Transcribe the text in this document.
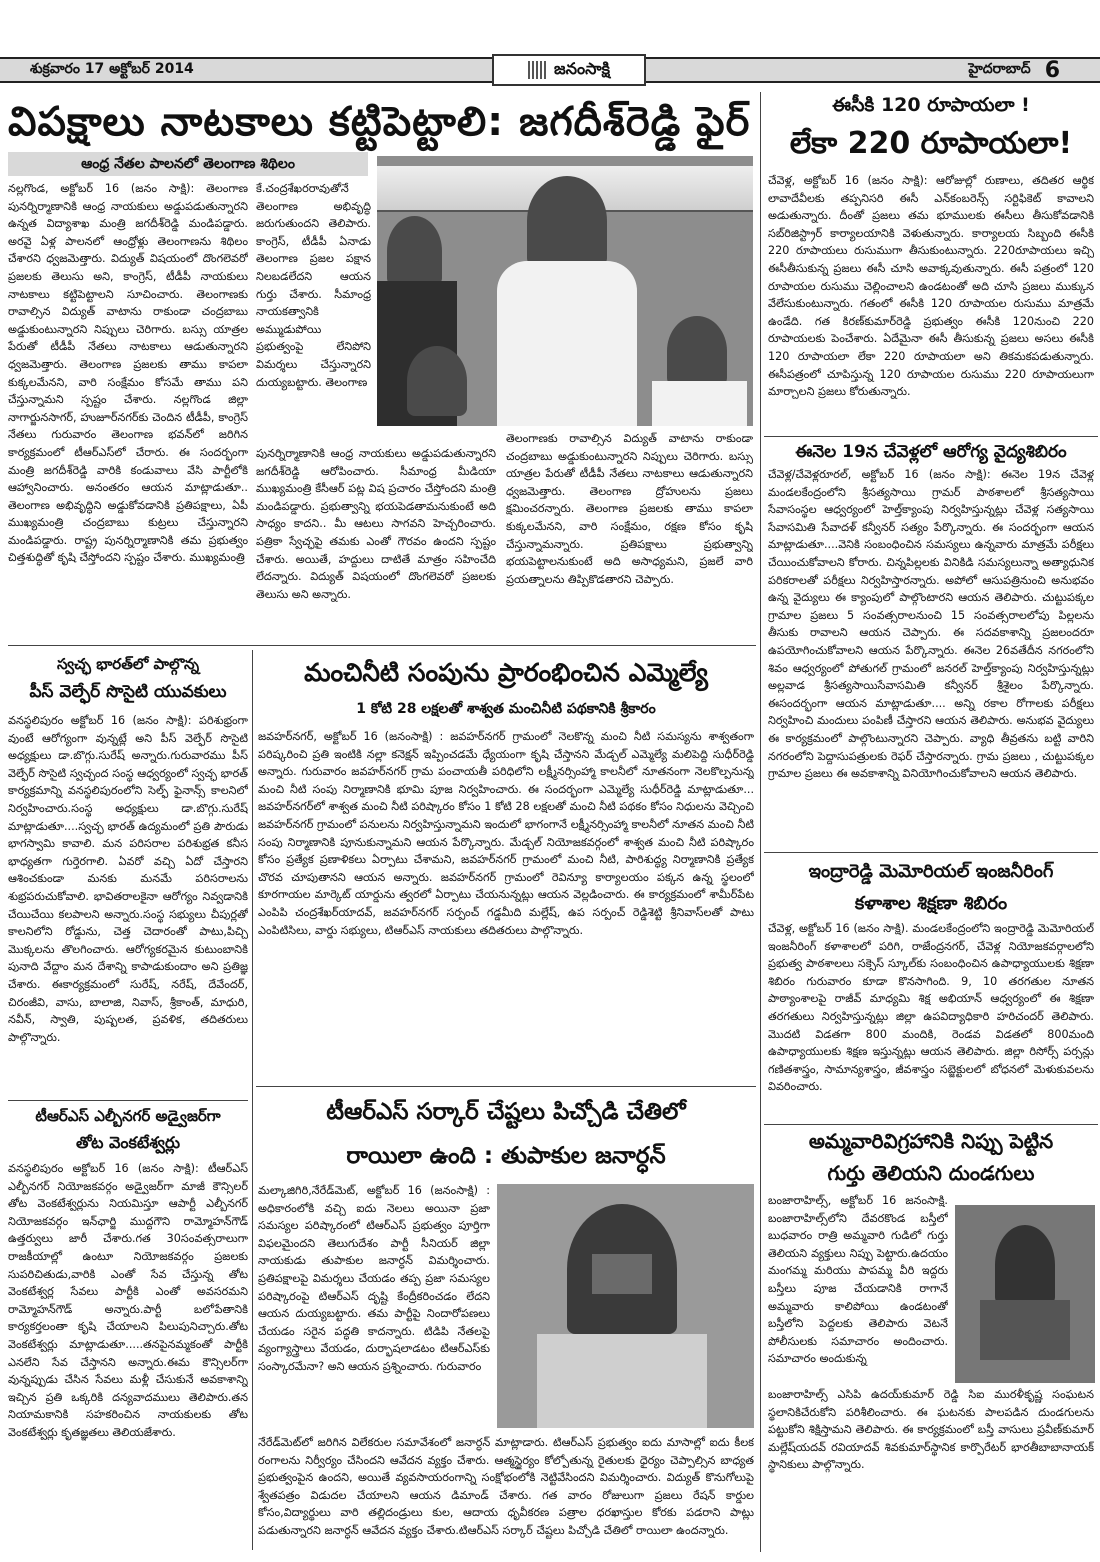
శుక్రవారం 17 అక్టోబర్ 2014	హైదరాబాద్ 6
జనంసాక్షి
విపక్షాలు నాటకాలు కట్టిపెట్టాలి: జగదీశ్‌రెడ్డి ఫైర్
ఆంధ్ర నేతల పాలనలో తెలంగాణ శిథిలం
నల్లగొండ, అక్టోబర్ 16 (జనం సాక్షి): తెలంగాణ పునర్నిర్మాణానికి ఆంధ్ర నాయకులు అడ్డుపడుతున్నారని ఉన్నత విద్యాశాఖ మంత్రి జగదీశ్‌రెడ్డి మండిపడ్డారు. అరవై ఏళ్ల పాలనలో ఆంధ్రోళ్లు తెలంగాణను శిథిలం చేశారని ధ్వజమెత్తారు. విద్యుత్ విషయంలో దొంగలెవరో ప్రజలకు తెలుసు అని, కాంగ్రెస్, టీడీపీ నాయకులు నాటకాలు కట్టిపెట్టాలని సూచించారు. తెలంగాణకు రావాల్సిన విద్యుత్ వాటాను రాకుండా చంద్రబాబు అడ్డుకుంటున్నారని నిప్పులు చెరిగారు. బస్సు యాత్రల పేరుతో టీడీపీ నేతలు నాటకాలు ఆడుతున్నారని ధ్వజమెత్తారు. తెలంగాణ ప్రజలకు తాము కాపలా కుక్కలమేనని, వారి సంక్షేమం కోసమే తాము పని చేస్తున్నామని స్పష్టం చేశారు. నల్లగొండ జిల్లా నాగార్జునసాగర్, హుజూర్‌నగర్‌కు చెందిన టీడీపీ, కాంగ్రెస్ నేతలు గురువారం తెలంగాణ భవన్‌లో జరిగిన కార్యక్రమంలో టీఆర్‌ఎస్‌లో చేరారు. ఈ సందర్భంగా మంత్రి జగదీశ్‌రెడ్డి వారికి కండువాలు వేసి పార్టీలోకి ఆహ్వానించారు. అనంతరం ఆయన మాట్లాడుతూ.. తెలంగాణ అభివృద్ధిని అడ్డుకోవడానికి ప్రతిపక్షాలు, ఏపీ ముఖ్యమంత్రి చంద్రబాబు కుట్రలు చేస్తున్నారని మండిపడ్డారు. రాష్ట్ర పునర్నిర్మాణానికి తమ ప్రభుత్వం చిత్తశుద్ధితో కృషి చేస్తోందని స్పష్టం చేశారు. ముఖ్యమంత్రి
కే.చంద్రశేఖరరావుతోనే తెలంగాణ అభివృద్ధి జరుగుతుందని తెలిపారు. కాంగ్రెస్, టీడీపీ ఏనాడు తెలంగాణ ప్రజల పక్షాన నిలబడలేదని ఆయన గుర్తు చేశారు. సీమాంధ్ర నాయకత్వానికి అమ్ముడుపోయి ప్రభుత్వంపై లేనిపోని విమర్శలు చేస్తున్నారని దుయ్యబట్టారు. తెలంగాణ
పునర్నిర్మాణానికి ఆంధ్ర నాయకులు అడ్డుపడుతున్నారని జగదీశ్‌రెడ్డి ఆరోపించారు. సీమాంధ్ర మీడియా ముఖ్యమంత్రి కేసీఆర్ పట్ల విష ప్రచారం చేస్తోందని మంత్రి మండిపడ్డారు. ప్రభుత్వాన్ని భయపెడతామనుకుంటే అది సాధ్యం కాదని.. మీ ఆటలు సాగవని హెచ్చరించారు. పత్రికా స్వేచ్ఛపై తమకు ఎంతో గౌరవం ఉందని స్పష్టం చేశారు. అయితే, హద్దులు దాటితే మాత్రం సహించేది లేదన్నారు. విద్యుత్ విషయంలో దొంగలెవరో ప్రజలకు తెలుసు అని అన్నారు.
తెలంగాణకు రావాల్సిన విద్యుత్ వాటాను రాకుండా చంద్రబాబు అడ్డుకుంటున్నారని నిప్పులు చెరిగారు. బస్సు యాత్రల పేరుతో టీడీపీ నేతలు నాటకాలు ఆడుతున్నారని ధ్వజమెత్తారు. తెలంగాణ ద్రోహులను ప్రజలు క్షమించరన్నారు. తెలంగాణ ప్రజలకు తాము కాపలా కుక్కలమేనని, వారి సంక్షేమం, రక్షణ కోసం కృషి చేస్తున్నామన్నారు. ప్రతిపక్షాలు ప్రభుత్వాన్ని భయపెట్టాలనుకుంటే అది అసాధ్యమని, ప్రజలే వారి ప్రయత్నాలను తిప్పికొడతారని చెప్పారు.
ఈసీకి 120 రూపాయలా !
లేకా 220 రూపాయలా!
చేవెళ్ల, అక్టోబర్ 16 (జనం సాక్షి): ఆరోజుల్లో రుణాలు, తదితర ఆర్థిక లావాదేవీలకు తప్పనిసరి ఈసీ ఎన్‌కంబరెన్స్ సర్టిఫికెట్ కావాలని అడుతున్నారు. దీంతో ప్రజలు తమ భూములకు ఈసీలు తీసుకోవడానికి సబ్‌రిజిస్ట్రార్ కార్యాలయానికి వెళుతున్నారు. కార్యాలయ సిబ్బంది ఈసీకి 220 రూపాయలు రుసుముగా తీసుకుంటున్నారు. 220రూపాయలు ఇచ్చి ఈసీతీసుకున్న ప్రజలు ఈసీ చూసి అవాక్కవుతున్నారు. ఈసీ పత్రంలో 120 రూపాయల రుసుము చెల్లించాలని ఉండటంతో అది చూసి ప్రజలు ముక్కున వేలేసుకుంటున్నారు. గతంలో ఈసీకి 120 రూపాయల రుసుము మాత్రమే ఉండేది. గత కిరణ్‌కుమార్‌రెడ్డి ప్రభుత్వం ఈసీకి 120నుంచి 220 రూపాయలకు పెంచేశారు. ఏదేమైనా ఈసీ తీసుకున్న ప్రజలు అసలు ఈసీకి 120 రూపాయలా లేకా 220 రూపాయలా అని తికమకపడుతున్నారు. ఈసీపత్రంలో చూపిస్తున్న 120 రూపాయల రుసుము 220 రూపాయలుగా మార్చాలని ప్రజలు కోరుతున్నారు.
ఈనెల 19న చేవెళ్లలో ఆరోగ్య వైద్యశిబిరం
చేవెళ్ల/చేవెళ్లరూరల్, అక్టోబర్ 16 (జనం సాక్షి): ఈనెల 19న చేవెళ్ల మండలకేంద్రంలోని శ్రీసత్యసాయి గ్రామర్ పాఠశాలలో శ్రీసత్యసాయి సేవాసంస్థల ఆధ్వర్యంలో హెల్త్‌క్యాంపు నిర్వహిస్తున్నట్లు చేవెళ్ల సత్యసాయి సేవాసమితి సేవాదళ్ కన్వీనర్ సత్యం పేర్కొన్నారు. ఈ సందర్భంగా ఆయన మాట్లాడుతూ....వెనికి సంబంధించిన సమస్యలు ఉన్నవారు మాత్రమే పరీక్షలు చేయించుకోవాలని కోరారు. చిన్నపిల్లలకు వినికిడి సమస్యలున్నా అత్యాధునిక పరికరాలతో పరీక్షలు నిర్వహిస్తారన్నారు. అపోలో ఆసుపత్రినుంచి అనుభవం ఉన్న వైద్యులు ఈ క్యాంపులో పాల్గొంటారని ఆయన తెలిపారు. చుట్టుపక్కల గ్రామాల ప్రజలు 5 సంవత్సరాలనుంచి 15 సంవత్సరాలలోపు పిల్లలను తీసుకు రావాలని ఆయన చెప్పారు. ఈ సదవకాశాన్ని ప్రజలందరూ ఉపయోగించుకోవాలని ఆయన పేర్కొన్నారు. ఈనెల 26వతేదీన నగరంలోని శివం ఆధ్వర్యంలో పోతుగల్ గ్రామంలో జనరల్ హెల్త్‌క్యాంపు నిర్వహిస్తున్నట్లు అల్లవాడ శ్రీసత్యసాయిసేవాసమితి కన్వీనర్ శ్రీశైలం పేర్కొన్నారు. ఈసందర్భంగా ఆయన మాట్లాడుతూ.... అన్ని రకాల రోగాలకు పరీక్షలు నిర్వహించి మందులు పంపిణీ చేస్తారని ఆయన తెలిపారు. అనుభవ వైద్యులు ఈ కార్యక్రమంలో పాల్గొంటున్నారని చెప్పారు. వ్యాధి తీవ్రతను బట్టి వారిని నగరంలోని పెద్దాసుపత్రులకు రెఫర్ చేస్తారన్నారు. గ్రామ ప్రజలు , చుట్టుపక్కల గ్రామాల ప్రజలు ఈ అవకాశాన్ని వినియోగించుకోవాలని ఆయన తెలిపారు.
ఇంద్రారెడ్డి మెమోరియల్ ఇంజనీరింగ్
కళాశాల శిక్షణా శిబిరం
చేవెళ్ల, అక్టోబర్ 16 (జనం సాక్షి). మండలకేంద్రంలోని ఇంద్రారెడ్డి మెమోరియల్ ఇంజనీరింగ్ కళాశాలలో పరిగి, రాజేంద్రనగర్, చేవెళ్ల నియోజకవర్గాలలోని ప్రభుత్వ పాఠశాలలు సక్సెస్ స్కూల్‌కు సంబంధించిన ఉపాధ్యాయులకు శిక్షణా శిబిరం గురువారం కూడా కొనసాగింది. 9, 10 తరగతుల నూతన పాఠ్యాంశాలపై రాజీవ్ మాధ్యమి శిక్ష అభియాన్ ఆధ్వర్యంలో ఈ శిక్షణా తరగతులు నిర్వహిస్తున్నట్లు జిల్లా ఉపవిద్యాధికారి హరిచందర్ తెలిపారు. మొదటి విడతగా 800 మందికి, రెండవ విడతలో 800మంది ఉపాధ్యాయులకు శిక్షణ ఇస్తున్నట్లు ఆయన తెలిపారు. జిల్లా రిసోర్స్ పర్సన్లు గణితశాస్త్రం, సామాన్యశాస్త్రం, జీవశాస్త్రం సబ్జెక్టులలో బోధనలో మెళుకువలను వివరించారు.
అమ్మవారివిగ్రహానికి నిప్పు పెట్టిన
గుర్తు తెలియని దుండగులు
బంజారాహిల్స్, అక్టోబర్ 16 జనంసాక్షి. బంజారాహిల్స్‌లోని దేవరకొండ బస్తీలో బుధవారం రాత్రి అమ్మవారి గుడిలో గుర్తు తెలియని వ్యక్తులు నిప్పు పెట్టారు.ఉదయం మంగమ్మ మరియు పాపమ్మ వీరి ఇద్దరు బస్తీలు పూజ చేయడానికి రాగానే అమ్మవారు కాలిపోయి ఉండటంతో బస్తీలోని పెద్దలకు తెలిపారు వెటనే పోలీసులకు సమాచారం అందించారు. సమాచారం అందుకున్న
బంజారాహిల్స్ ఎసిపి ఉదయ్‌కుమార్ రెడ్డి సిఐ మురళీకృష్ణ సంఘటన స్థలానికిచేరుకోని పరిశీలించారు. ఈ ఘటనకు పాలపడిన దుండగులను పట్టుకోని శిక్షిస్తామని తెలిపారు. ఈ కార్యక్రమంలో బస్తీ వాసులు ప్రవీణ్‌కుమార్ మల్లేష్‌యదవ్ రవియాదవ్ శివకుమార్‌స్థానిక కార్పొరేటర్ భారతీబాబానాయక్ స్థానికులు పాల్గొన్నారు.
స్వచ్ఛ భారత్‌లో పాల్గొన్న
పీస్ వెల్ఫేర్ సొసైటి యువకులు
వనస్థలిపురం అక్టోబర్ 16 (జనం సాక్షి): పరిశుభ్రంగా వుంటే ఆరోగ్యంగా వున్నట్లే అని పీస్ వెల్ఫేర్ సొసైటి అధ్యక్షులు డా.బొగ్గు.సురేష్ అన్నారు.గురువారము పీస్ వెల్ఫేర్ సొసైటి స్వచ్ఛంద సంస్థ ఆధ్వర్యంలో స్వచ్ఛ భారత్ కార్యక్రమాన్ని వనస్థలిపురంలోని సెల్ఫ్ ఫైనాన్స్ కాలనిలో నిర్వహించారు.సంస్థ అధ్యక్షులు డా.బొగ్గు.సురేష్ మాట్లాడుతూ....స్వచ్ఛ భారత్ ఉద్యమంలో ప్రతి పౌరుడు భాగస్వామి కావాలి. మన పరిసరాల పరిశుభ్రత కనీస భాధ్యతగా గుర్తెరగాలి. ఏవరో వచ్చి ఏదో చేస్తారని ఆశించకుండా మనకు మనమే పరిసరాలను శుభ్రపరుచుకోవాలి. భావితరాలకైనా ఆరోగ్యం నివ్వడానికి చేయిచేయి కలపాలని అన్నారు.సంస్థ సభ్యులు చీపుర్లతో కాలనిలోని రోడ్డును, చెత్త చెదారంతో పాటు,పిచ్చి మొక్కలను తొలగించారు. ఆరోగ్యకరమైన కుటుంబానికి పునాది వేద్దాం మన దేశాన్ని కాపాడుకుందాం అని ప్రతిజ్ఞ చేశారు. ఈకార్యక్రమంలో సురేష్, నరేష్, దేవేందర్, చిరంజీవి, వాసు, బాలాజి, నివాస్, శ్రీకాంత్, మాధురి, నవీన్, స్వాతి, పుష్పలత, ప్రవళిక, తదితరులు పాల్గొన్నారు.
టీఆర్ఎస్ ఎల్బీనగర్ అడ్వైజర్‌గా
తోట వెంకటేశ్వర్లు
వనస్థలిపురం అక్టోబర్ 16 (జనం సాక్షి): టీఆర్ఎస్ ఎల్బీనగర్ నియోజకవర్గం అడ్వైజర్‌గా మాజీ కౌన్సిలర్ తోట వెంకటేశ్వర్లును నియమిస్తూ ఆపార్టీ ఎల్బీనగర్ నియోజకవర్గం ఇన్‌ఛార్జి ముద్దగౌని రామ్మోహన్‌గౌడ్ ఉత్తర్వులు జారీ చేశారు.గత 30సంవత్సరాలుగా రాజకీయాల్లో ఉంటూ నియోజకవర్గం ప్రజలకు సుపరిచితుడు,వారికి ఎంతో సేవ చేస్తున్న తోట వెంకటేశ్వర్ల సేవలు పార్టీకి ఎంతో అవసరమని రామ్మోహన్‌గౌడ్ అన్నారు.పార్టీ బలోపేతానికి కార్యకర్తలంతా కృషి చేయాలని పిలుపునిచ్చారు.తోట వెంకటేశ్వర్లు మాట్లాడుతూ.....తనపైనమ్మకంతో పార్టీకి ఎనలేని సేవ చేస్తానని అన్నారు.ఈమ కౌన్సిలర్‌గా వున్నప్పుడు చేసిన సేవలు మళ్లీ చేసుకునే అవకాశాన్ని ఇచ్చిన ప్రతి ఒక్కరికి దన్యవాదములు తెలిపారు.తన నియామకానికి సహకరించిన నాయకులకు తోట వెంకటేశ్వర్లు కృతజ్ఞతలు తెలియజేశారు.
మంచినీటి సంపును ప్రారంభించిన ఎమ్మెల్యే
1 కోటి 28 లక్షలతో శాశ్వత మంచినీటి పథకానికి శ్రీకారం
జవహర్‌నగర్, అక్టోబర్ 16 (జనంసాక్షి) : జవహర్‌నగర్ గ్రామంలో నెలకొన్న మంచి నీటి సమస్యను శాశ్వతంగా పరిష్కరించి ప్రతి ఇంటికి నల్లా కనెక్షన్ ఇప్పించడమే ధ్యేయంగా కృషి చేస్తానని మేడ్చల్ ఎమ్మెల్యే మలిపెద్ది సుధీర్‌రెడ్డి అన్నారు. గురువారం జవహర్‌నగర్ గ్రామ పంచాయతీ పరిధిలోని లక్ష్మీనర్సింహ్మా కాలనీలో నూతనంగా నెలకొల్పనున్న మంచి నీటి సంపు నిర్మాణానికి భూమి పూజ నిర్వహించారు. ఈ సందర్భంగా ఎమ్మెల్యే సుధీర్‌రెడ్డి మాట్లాడుతూ... జవహర్‌నగర్‌లో శాశ్వత మంచి నీటి పరిష్కారం కోసం 1 కోటి 28 లక్షలతో మంచి నీటి పథకం కోసం నిధులను వెచ్చించి జవహర్‌నగర్ గ్రామంలో పనులను నిర్వహిస్తున్నామని ఇందులో భాగంగానే లక్ష్మీనర్సింహ్మా కాలనీలో నూతన మంచి నీటి సంపు నిర్మాణానికి పూనుకున్నామని ఆయన పేర్కొన్నారు. మేడ్చల్ నియోజకవర్గంలో శాశ్వత మంచి నీటి పరిష్కారం కోసం ప్రత్యేక ప్రణాళికలు ఏర్పాటు చేశామని, జవహర్‌నగర్ గ్రామంలో మంచి నీటి, పారిశుద్ధ్య నిర్మాణానికి ప్రత్యేక చొరవ చూపుతానని ఆయన అన్నారు. జవహర్‌నగర్ గ్రామంలో రెవిన్యూ కార్యాలయం పక్కన ఉన్న స్థలంలో కూరగాయల మార్కెట్ యార్డును త్వరలో ఏర్పాటు చేయనున్నట్లు ఆయన వెల్లడించారు. ఈ కార్యక్రమంలో శామీర్‌పేట ఎంపిపి చంద్రశేఖర్‌యాదవ్, జవహర్‌నగర్ సర్పంచ్ గడ్డమీది మల్లేష్, ఉప సర్పంచ్ రెడ్డిశెట్టి శ్రీనివాస్‌లతో పాటు ఎంపిటిసిలు, వార్డు సభ్యులు, టిఆర్ఎస్ నాయకులు తదితరులు పాల్గొన్నారు.
టీఆర్ఎస్ సర్కార్ చేష్టలు పిచ్చోడి చేతిలో
రాయిలా ఉంది : తుపాకుల జనార్ధన్
మల్కాజిగిరి,నేరేడ్‌మెట్, అక్టోబర్ 16 (జనంసాక్షి) : అధికారంలోకి వచ్చి ఐదు నెలలు అయినా ప్రజా సమస్యల పరిష్కారంలో టిఆర్ఎస్ ప్రభుత్వం పూర్తిగా విఫలమైందని తెలుగుదేశం పార్టీ సీనియర్ జిల్లా నాయకుడు తుపాకుల జనార్ధన్ విమర్శించారు. ప్రతిపక్షాలపై విమర్శలు చేయడం తప్ప ప్రజా సమస్యల పరిష్కారంపై టిఆర్ఎస్ దృష్టి కేంద్రీకరించడం లేదని ఆయన దుయ్యబట్టారు. తమ పార్టీపై నిందారోపణలు చేయడం సరైన పద్ధతి కాదన్నారు. టిడిపి నేతలపై వ్యంగ్యాస్త్రాలు వేయడం, దుర్భాషలాడటం టిఆర్ఎస్‌కు సంస్కారమేనా? అని ఆయన ప్రశ్నించారు. గురువారం
నేరేడ్‌మెట్‌లో జరిగిన విలేకరుల సమావేశంలో జనార్ధన్ మాట్లాడారు. టిఆర్ఎస్ ప్రభుత్వం ఐదు మాసాల్లో ఐదు కీలక రంగాలను నిర్వీర్యం చేసిందని ఆవేదన వ్యక్తం చేశారు. ఆత్మస్థైర్యం కోల్పోతున్న రైతులకు ధైర్యం చెప్పాల్సిన బాధ్యత ప్రభుత్వంపైన ఉందని, అయితే వ్యవసాయరంగాన్ని సంక్షోభంలోకి నెట్టివేసిందని విమర్శించారు. విద్యుత్ కొనుగోలుపై శ్వేతపత్రం విడుదల చేయాలని ఆయన డిమాండ్ చేశారు. గత వారం రోజులుగా ప్రజలు రేషన్ కార్డుల కోసం,విద్యార్థులు వారి తల్లిదండ్రులు కుల, ఆదాయ ధృవీకరణ పత్రాల ధరఖాస్తుల కోరకు పడరాని పాట్లు పడుతున్నారని జనార్ధన్ ఆవేదన వ్యక్తం చేశారు.టిఆర్ఎస్ సర్కార్ చేష్టలు పిచ్చోడి చేతిలో రాయిలా ఉందన్నారు.
